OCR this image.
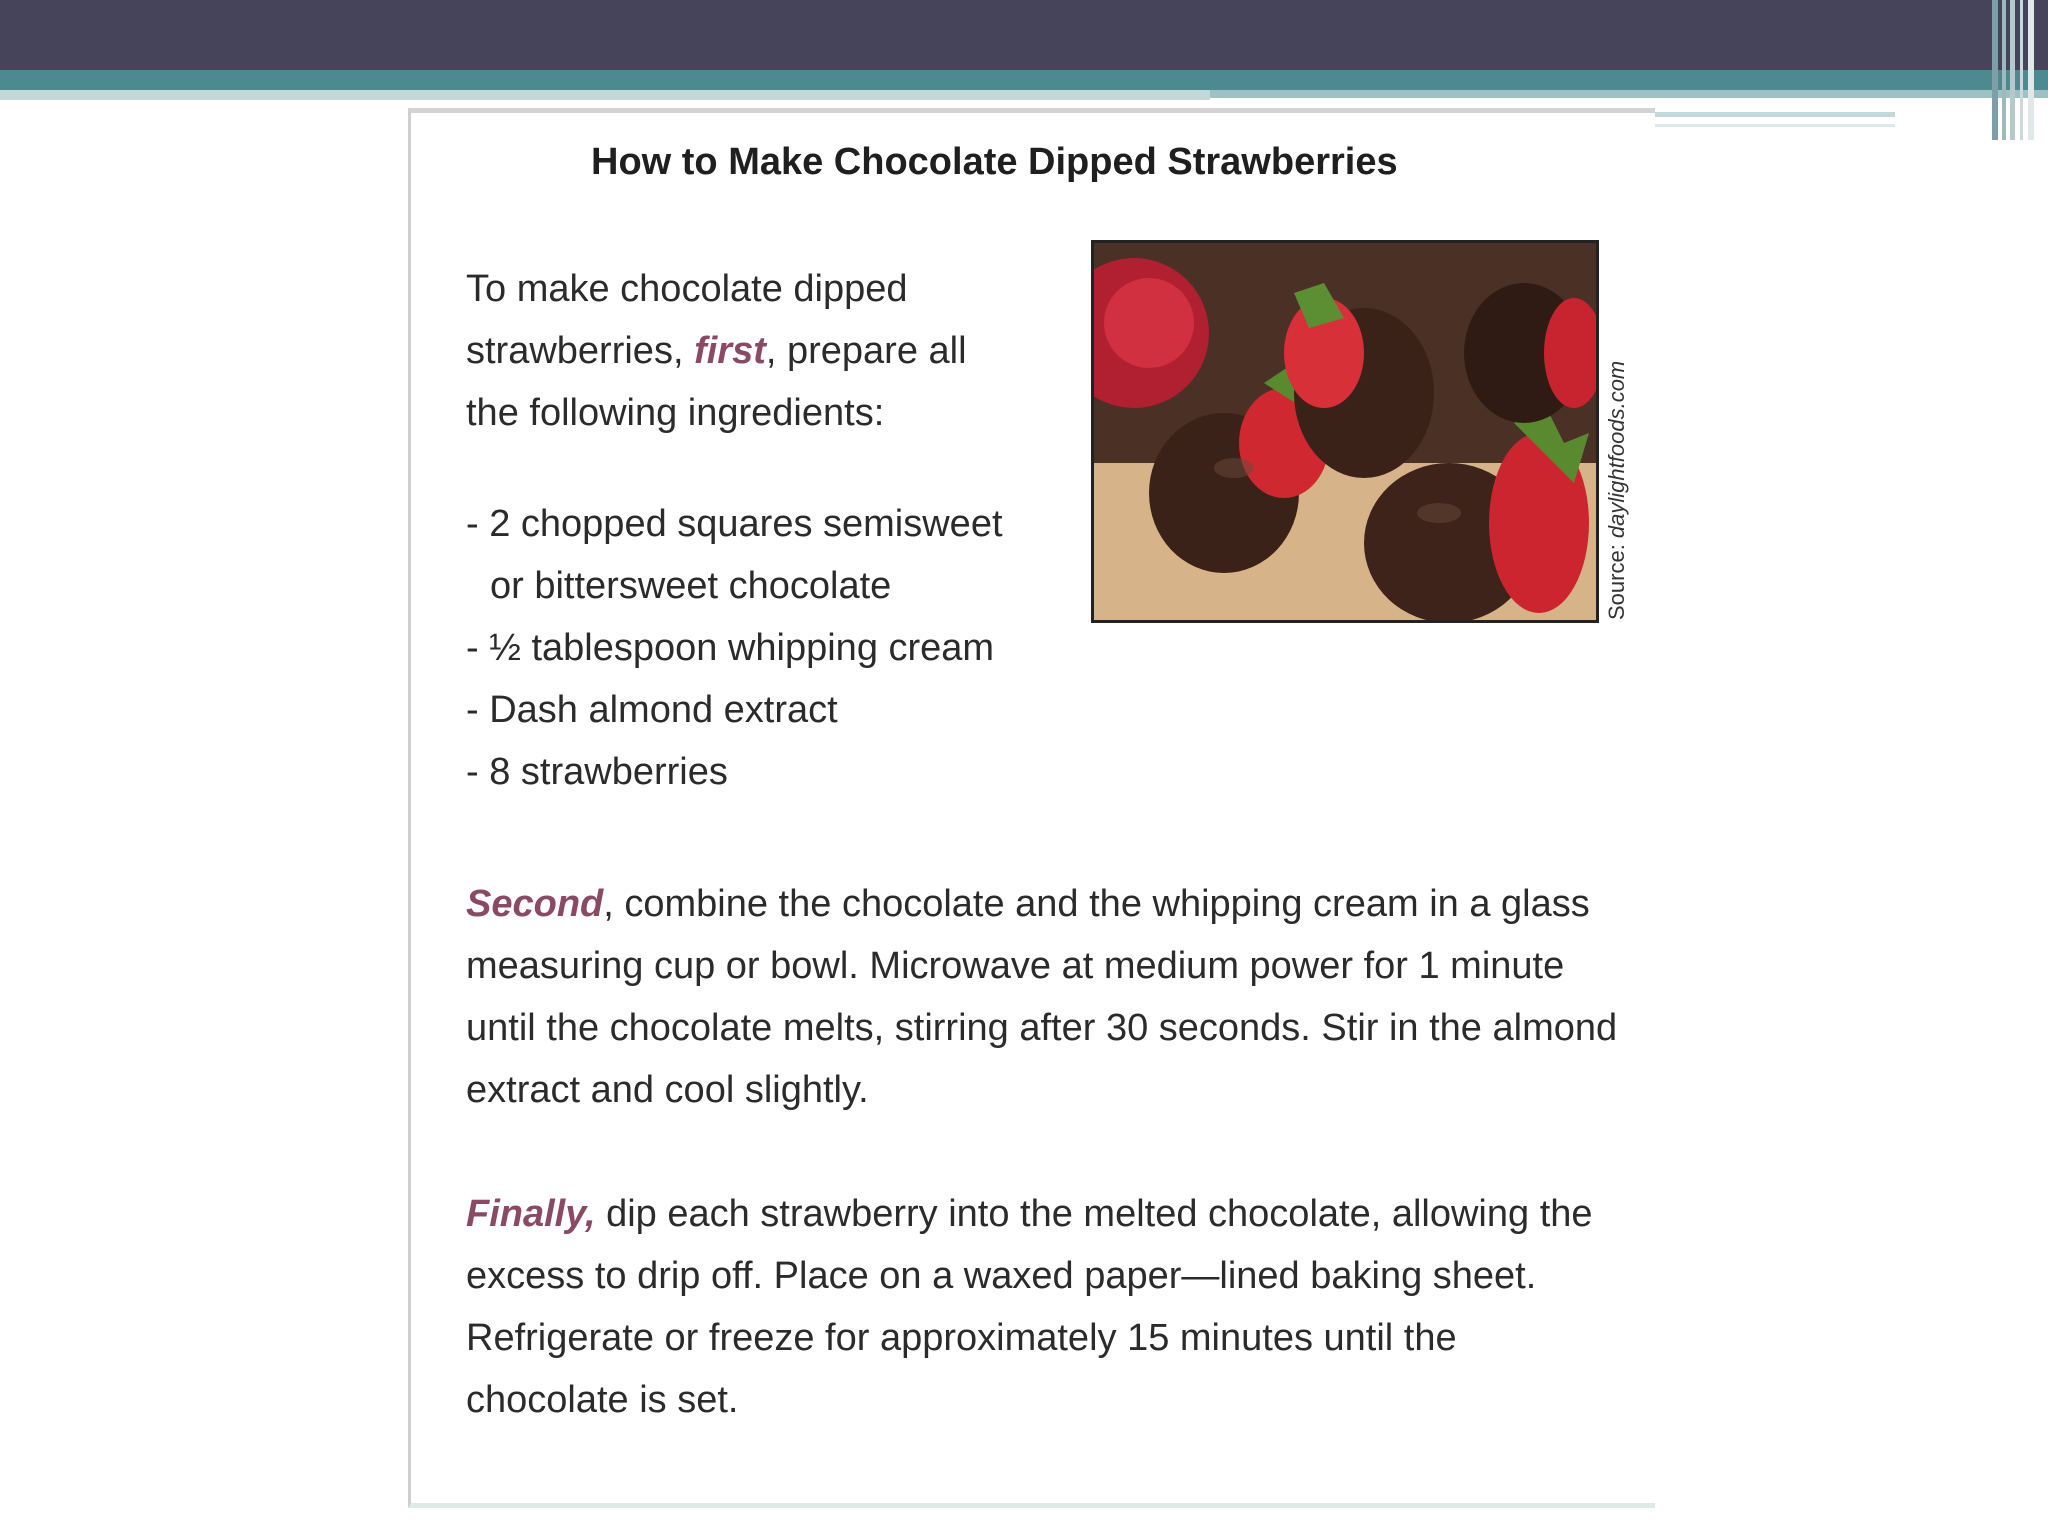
How to Make Chocolate Dipped Strawberries
To make chocolate dipped strawberries, first, prepare all the following ingredients:
- 2 chopped squares semisweet
or bittersweet chocolate
- ½ tablespoon whipping cream
- Dash almond extract
- 8 strawberries
Source: daylightfoods.com
Second, combine the chocolate and the whipping cream in a glass measuring cup or bowl. Microwave at medium power for 1 minute until the chocolate melts, stirring after 30 seconds. Stir in the almond extract and cool slightly.
Finally, dip each strawberry into the melted chocolate, allowing the excess to drip off. Place on a waxed paper—lined baking sheet. Refrigerate or freeze for approximately 15 minutes until the chocolate is set.
